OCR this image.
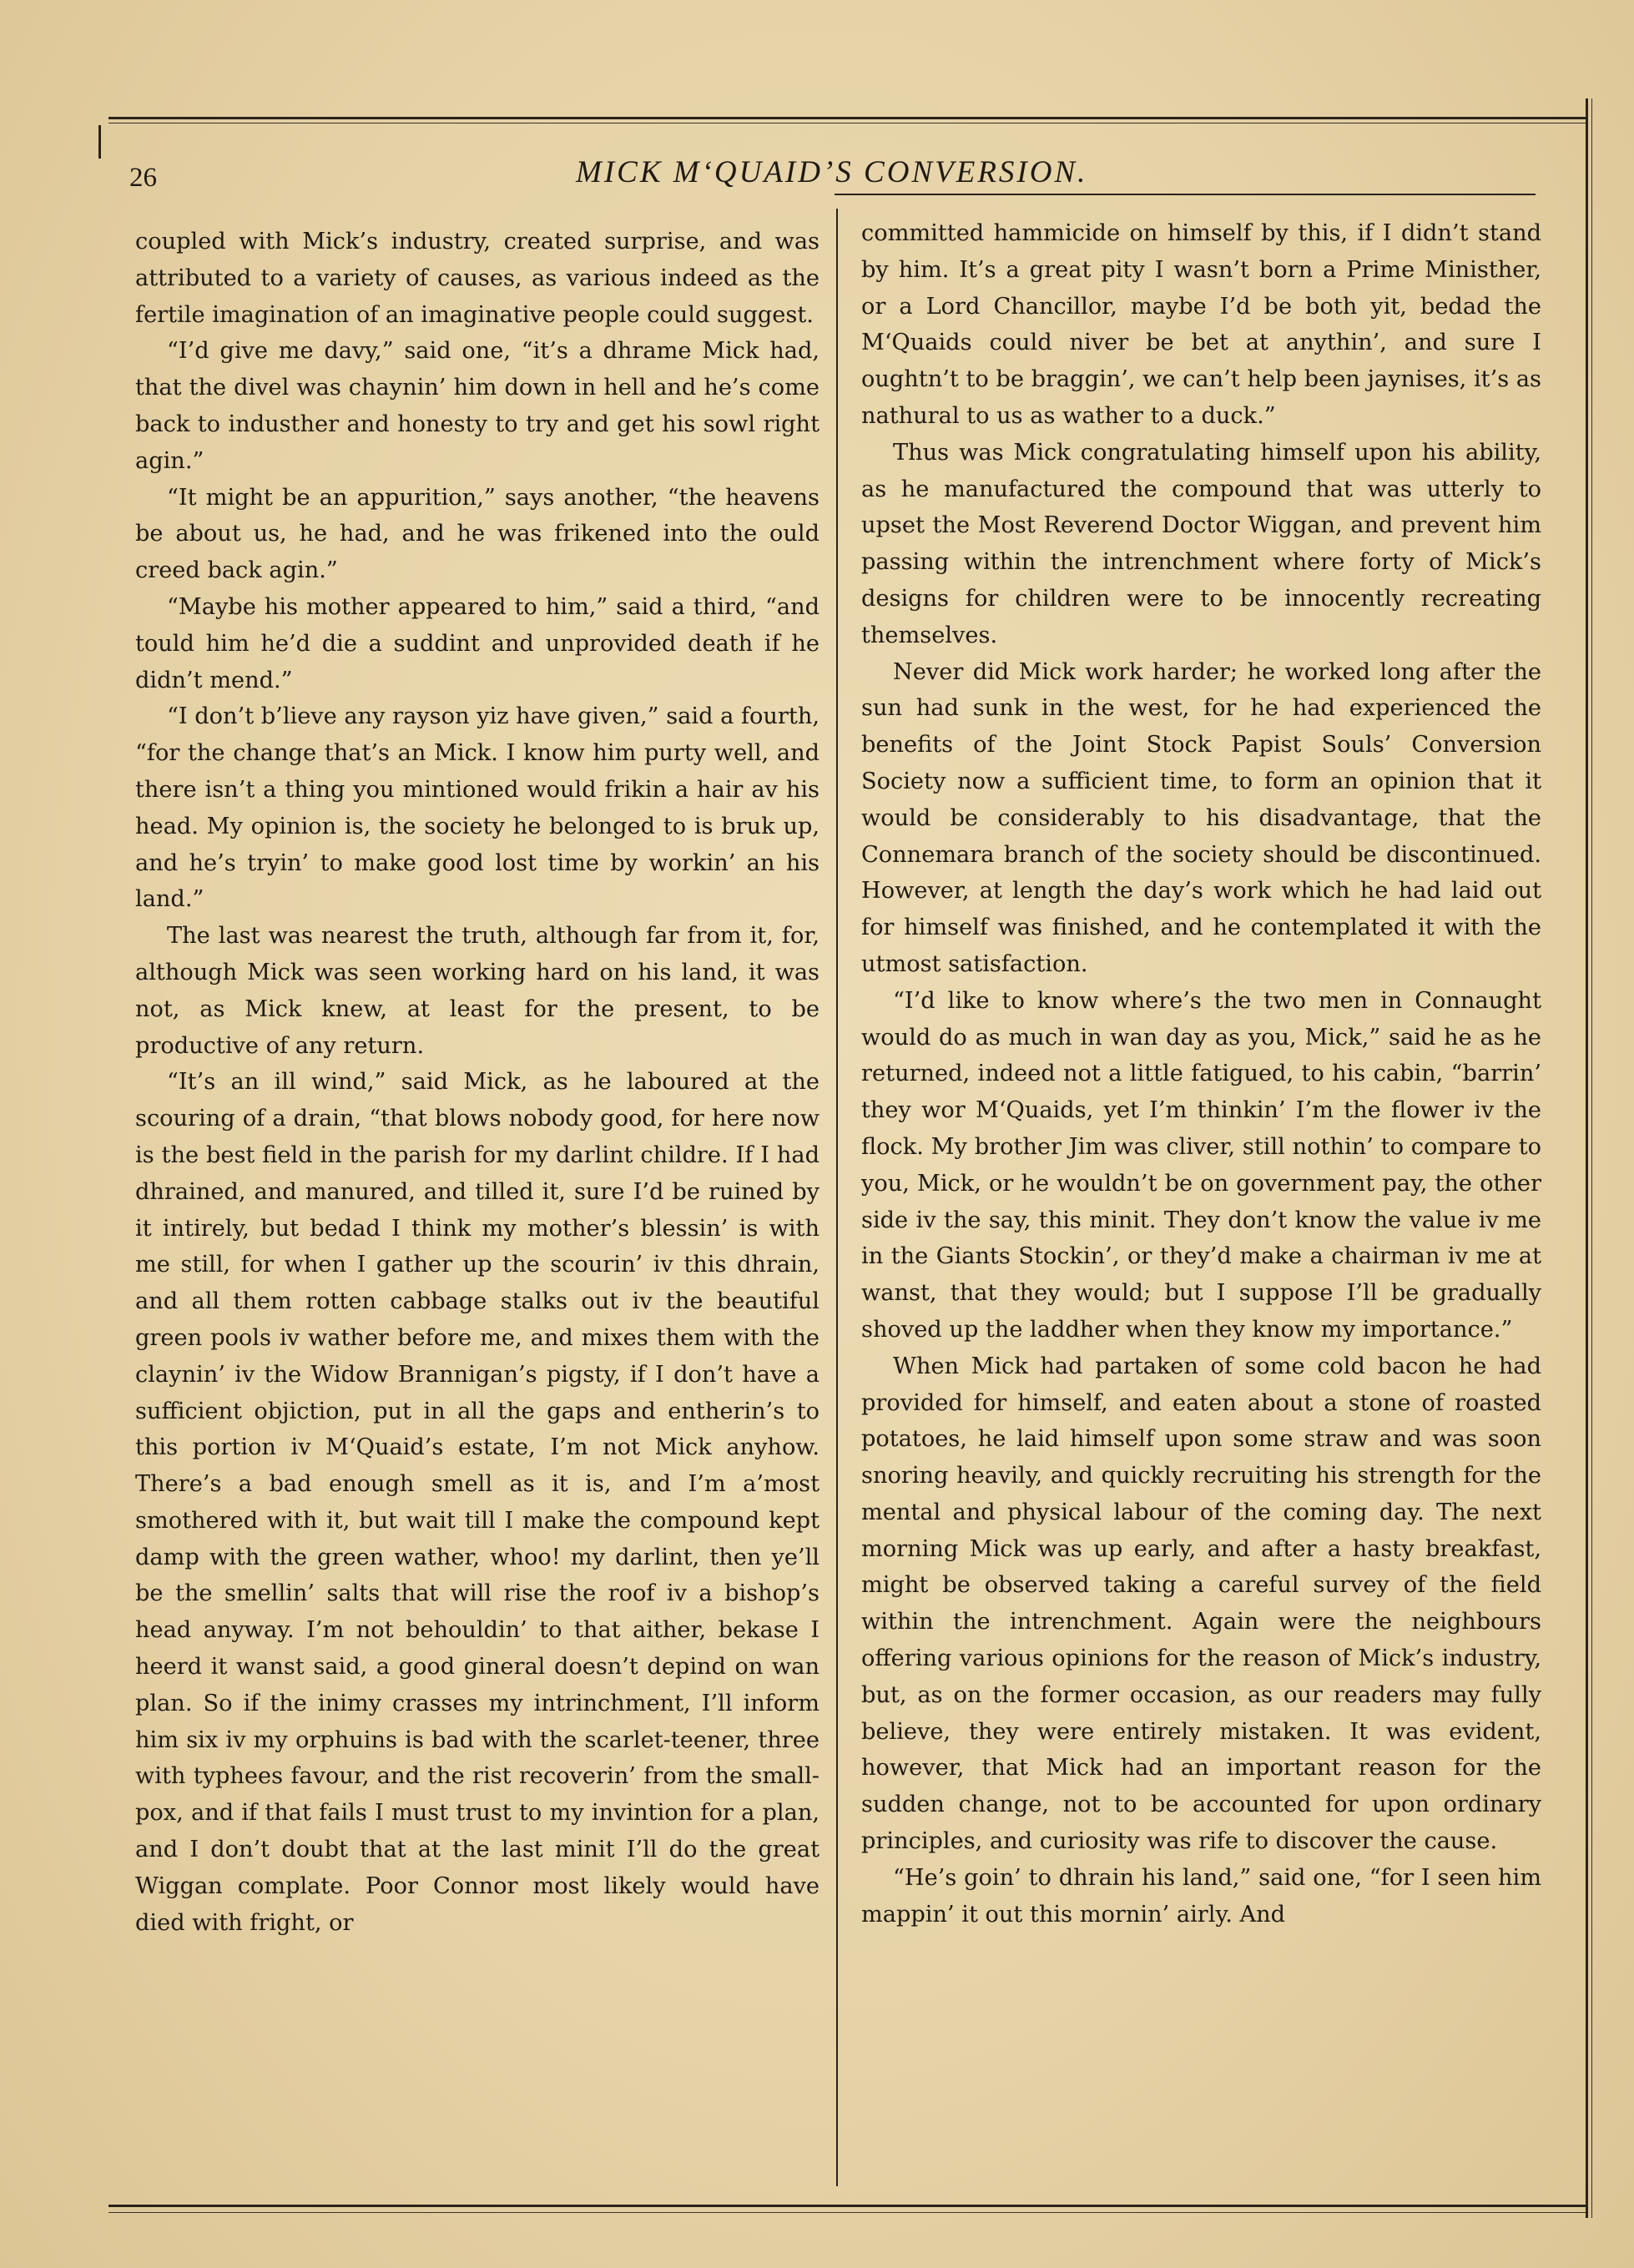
26	MICK M‘QUAID’S CONVERSION.

coupled with Mick’s industry, created surprise, and was attributed to a variety of causes, as various indeed as the fertile imagination of an imaginative people could suggest.

“I’d give me davy,” said one, “it’s a dhrame Mick had, that the divel was chaynin’ him down in hell and he’s come back to industher and honesty to try and get his sowl right agin.”

“It might be an appurition,” says another, “the heavens be about us, he had, and he was frikened into the ould creed back agin.”

“Maybe his mother appeared to him,” said a third, “and tould him he’d die a suddint and unprovided death if he didn’t mend.”

“I don’t b’lieve any rayson yiz have given,” said a fourth, “for the change that’s an Mick. I know him purty well, and there isn’t a thing you mintioned would frikin a hair av his head. My opinion is, the society he belonged to is bruk up, and he’s tryin’ to make good lost time by workin’ an his land.”

The last was nearest the truth, although far from it, for, although Mick was seen working hard on his land, it was not, as Mick knew, at least for the present, to be productive of any return.

“It’s an ill wind,” said Mick, as he laboured at the scouring of a drain, “that blows nobody good, for here now is the best field in the parish for my darlint childre. If I had dhrained, and manured, and tilled it, sure I’d be ruined by it intirely, but bedad I think my mother’s blessin’ is with me still, for when I gather up the scourin’ iv this dhrain, and all them rotten cabbage stalks out iv the beautiful green pools iv wather before me, and mixes them with the claynin’ iv the Widow Brannigan’s pigsty, if I don’t have a sufficient objiction, put in all the gaps and entherin’s to this portion iv M‘Quaid’s estate, I’m not Mick anyhow. There’s a bad enough smell as it is, and I’m a’most smothered with it, but wait till I make the compound kept damp with the green wather, whoo! my darlint, then ye’ll be the smellin’ salts that will rise the roof iv a bishop’s head anyway. I’m not behouldin’ to that aither, bekase I heerd it wanst said, a good gineral doesn’t depind on wan plan. So if the inimy crasses my intrinchment, I’ll inform him six iv my orphuins is bad with the scarlet-teener, three with typhees favour, and the rist recoverin’ from the small-pox, and if that fails I must trust to my invintion for a plan, and I don’t doubt that at the last minit I’ll do the great Wiggan complate. Poor Connor most likely would have died with fright, or

committed hammicide on himself by this, if I didn’t stand by him. It’s a great pity I wasn’t born a Prime Ministher, or a Lord Chancillor, maybe I’d be both yit, bedad the M‘Quaids could niver be bet at anythin’, and sure I oughtn’t to be braggin’, we can’t help been jaynises, it’s as nathural to us as wather to a duck.”

Thus was Mick congratulating himself upon his ability, as he manufactured the compound that was utterly to upset the Most Reverend Doctor Wiggan, and prevent him passing within the intrenchment where forty of Mick’s designs for children were to be innocently recreating themselves.

Never did Mick work harder; he worked long after the sun had sunk in the west, for he had experienced the benefits of the Joint Stock Papist Souls’ Conversion Society now a sufficient time, to form an opinion that it would be considerably to his disadvantage, that the Connemara branch of the society should be discontinued. However, at length the day’s work which he had laid out for himself was finished, and he contemplated it with the utmost satisfaction.

“I’d like to know where’s the two men in Connaught would do as much in wan day as you, Mick,” said he as he returned, indeed not a little fatigued, to his cabin, “barrin’ they wor M‘Quaids, yet I’m thinkin’ I’m the flower iv the flock. My brother Jim was cliver, still nothin’ to compare to you, Mick, or he wouldn’t be on government pay, the other side iv the say, this minit. They don’t know the value iv me in the Giants Stockin’, or they’d make a chairman iv me at wanst, that they would; but I suppose I’ll be gradually shoved up the laddher when they know my importance.”

When Mick had partaken of some cold bacon he had provided for himself, and eaten about a stone of roasted potatoes, he laid himself upon some straw and was soon snoring heavily, and quickly recruiting his strength for the mental and physical labour of the coming day. The next morning Mick was up early, and after a hasty breakfast, might be observed taking a careful survey of the field within the intrenchment. Again were the neighbours offering various opinions for the reason of Mick’s industry, but, as on the former occasion, as our readers may fully believe, they were entirely mistaken. It was evident, however, that Mick had an important reason for the sudden change, not to be accounted for upon ordinary principles, and curiosity was rife to discover the cause.

“He’s goin’ to dhrain his land,” said one, “for I seen him mappin’ it out this mornin’ airly. And
